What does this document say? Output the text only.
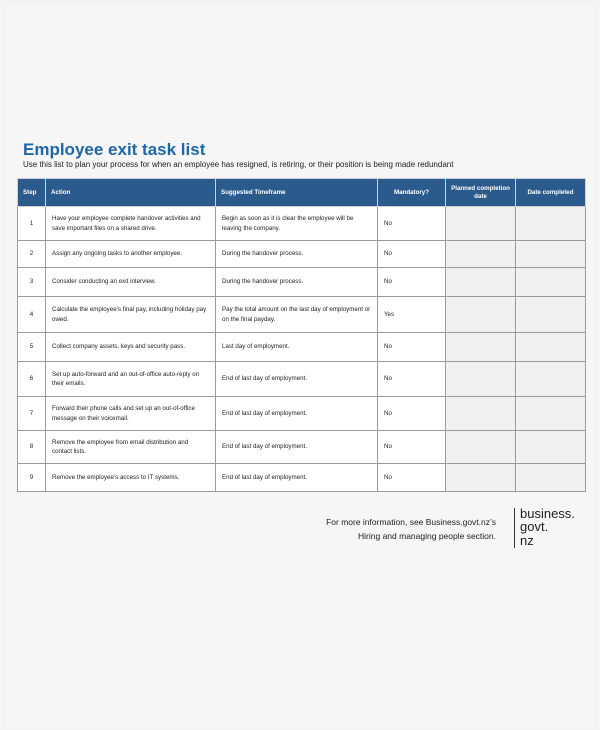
Employee exit task list
Use this list to plan your process for when an employee has resigned, is retiring, or their position is being made redundant
Step	Action	Suggested Timeframe	Mandatory?	Planned completion date	Date completed
1	Have your employee complete handover activities and save important files on a shared drive.	Begin as soon as it is clear the employee will be leaving the company.	No		
2	Assign any ongoing tasks to another employee.	During the handover process.	No		
3	Consider conducting an exit interview.	During the handover process.	No		
4	Calculate the employee’s final pay, including holiday pay owed.	Pay the total amount on the last day of employment or on the final payday.	Yes		
5	Collect company assets, keys and security pass.	Last day of employment.	No		
6	Set up auto-forward and an out-of-office auto-reply on their emails.	End of last day of employment.	No		
7	Forward their phone calls and set up an out-of-office message on their voicemail.	End of last day of employment.	No		
8	Remove the employee from email distribution and contact lists.	End of last day of employment.	No		
9	Remove the employee’s access to IT systems.	End of last day of employment.	No		
For more information, see Business.govt.nz’s
Hiring and managing people section.
business.
govt.
nz
